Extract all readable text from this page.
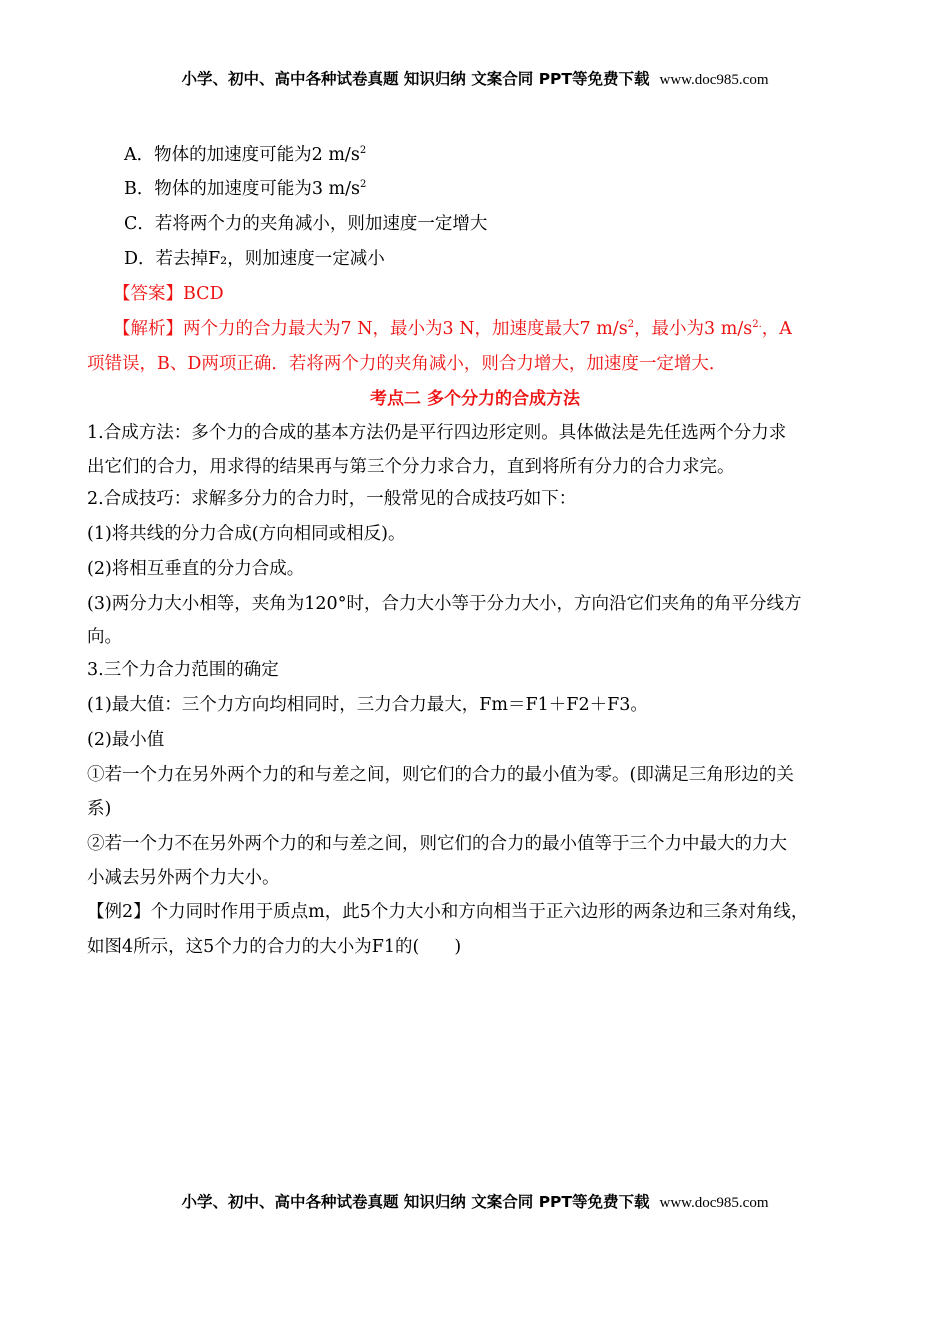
小学、初中、高中各种试卷真题 知识归纳 文案合同 PPT等免费下载 www.doc985.com
A．物体的加速度可能为2 $m/s^2$
B．物体的加速度可能为3 $m/s^2$
C．若将两个力的夹角减小，则加速度一定增大
D．若去掉F₂，则加速度一定减小
【答案】BCD
【解析】两个力的合力最大为7 N，最小为3 N，加速度最大7 $m/s^2$，最小为3 $m/s^{2.}$，A
项错误，B、D两项正确．若将两个力的夹角减小，则合力增大，加速度一定增大．
考点二 多个分力的合成方法
1.合成方法：多个力的合成的基本方法仍是平行四边形定则。具体做法是先任选两个分力求
出它们的合力，用求得的结果再与第三个分力求合力，直到将所有分力的合力求完。
2.合成技巧：求解多分力的合力时，一般常见的合成技巧如下：
(1)将共线的分力合成(方向相同或相反)。
(2)将相互垂直的分力合成。
(3)两分力大小相等，夹角为120°时，合力大小等于分力大小，方向沿它们夹角的角平分线方
向。
3.三个力合力范围的确定
(1)最大值：三个力方向均相同时，三力合力最大，Fm＝F1＋F2＋F3。
(2)最小值
①若一个力在另外两个力的和与差之间，则它们的合力的最小值为零。(即满足三角形边的关
系)
②若一个力不在另外两个力的和与差之间，则它们的合力的最小值等于三个力中最大的力大
小减去另外两个力大小。
【例2】个力同时作用于质点m，此5个力大小和方向相当于正六边形的两条边和三条对角线，
如图4所示，这5个力的合力的大小为F1的(　　)
小学、初中、高中各种试卷真题 知识归纳 文案合同 PPT等免费下载 www.doc985.com
